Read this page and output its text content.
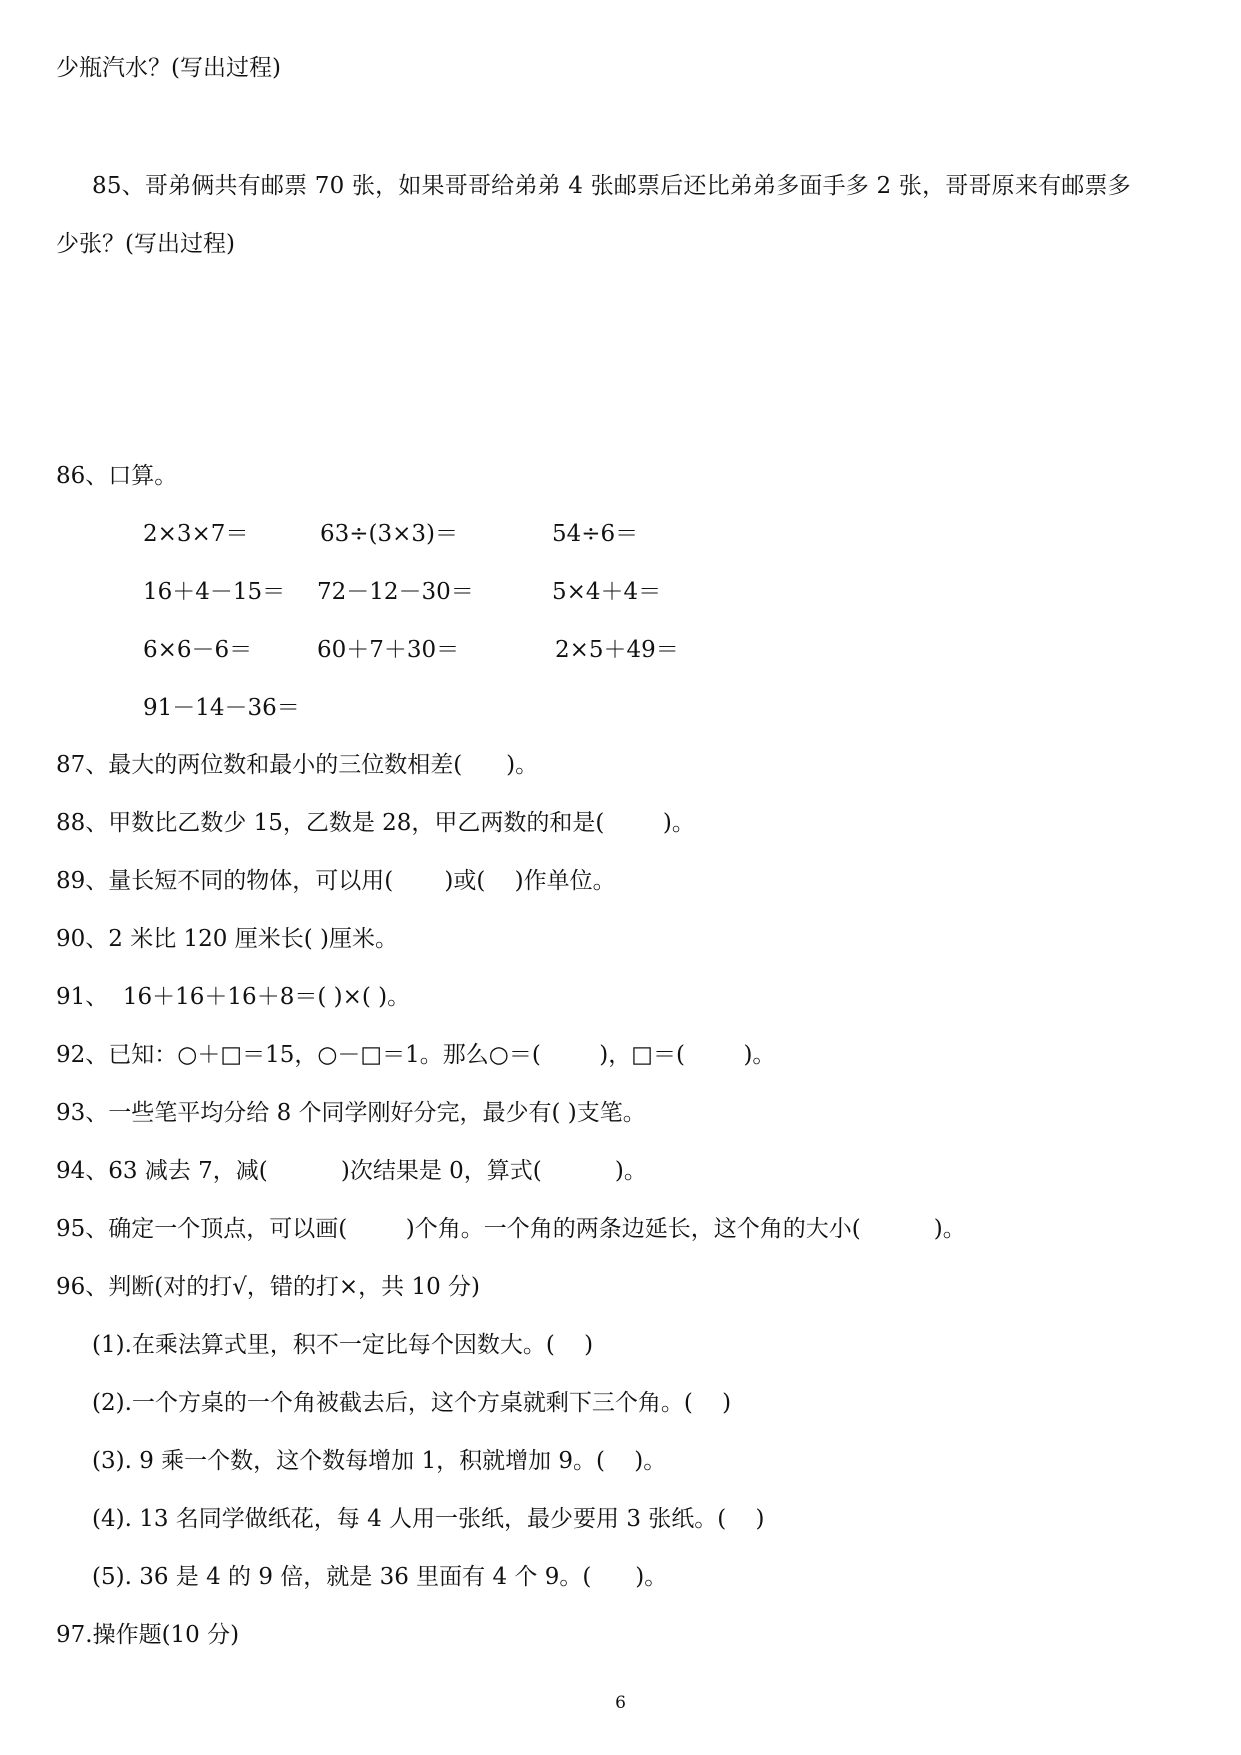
少瓶汽水？(写出过程)
85、哥弟俩共有邮票 70 张，如果哥哥给弟弟 4 张邮票后还比弟弟多面手多 2 张，哥哥原来有邮票多
少张？(写出过程)
86、口算。
2×3×7＝	63÷(3×3)＝	54÷6＝
16＋4－15＝ 72－12－30＝	5×4＋4＝
6×6－6＝	60＋7＋30＝	2×5＋49＝
91－14－36＝
87、最大的两位数和最小的三位数相差(      )。
88、甲数比乙数少 15，乙数是 28，甲乙两数的和是(        )。
89、量长短不同的物体，可以用(       )或(    )作单位。
90、2 米比 120 厘米长( )厘米。
91、  16＋16＋16＋8＝( )×( )。
92、已知：○＋□＝15，○－□＝1。那么○＝(        )，□＝(        )。
93、一些笔平均分给 8 个同学刚好分完，最少有( )支笔。
94、63 减去 7，减(          )次结果是 0，算式(          )。
95、确定一个顶点，可以画(        )个角。一个角的两条边延长，这个角的大小(          )。
96、判断(对的打√，错的打×，共 10 分)
(1).在乘法算式里，积不一定比每个因数大。(    )
(2).一个方桌的一个角被截去后，这个方桌就剩下三个角。(    )
(3). 9 乘一个数，这个数每增加 1，积就增加 9。(    )。
(4). 13 名同学做纸花，每 4 人用一张纸，最少要用 3 张纸。(    )
(5). 36 是 4 的 9 倍，就是 36 里面有 4 个 9。(      )。
97.操作题(10 分)
6
